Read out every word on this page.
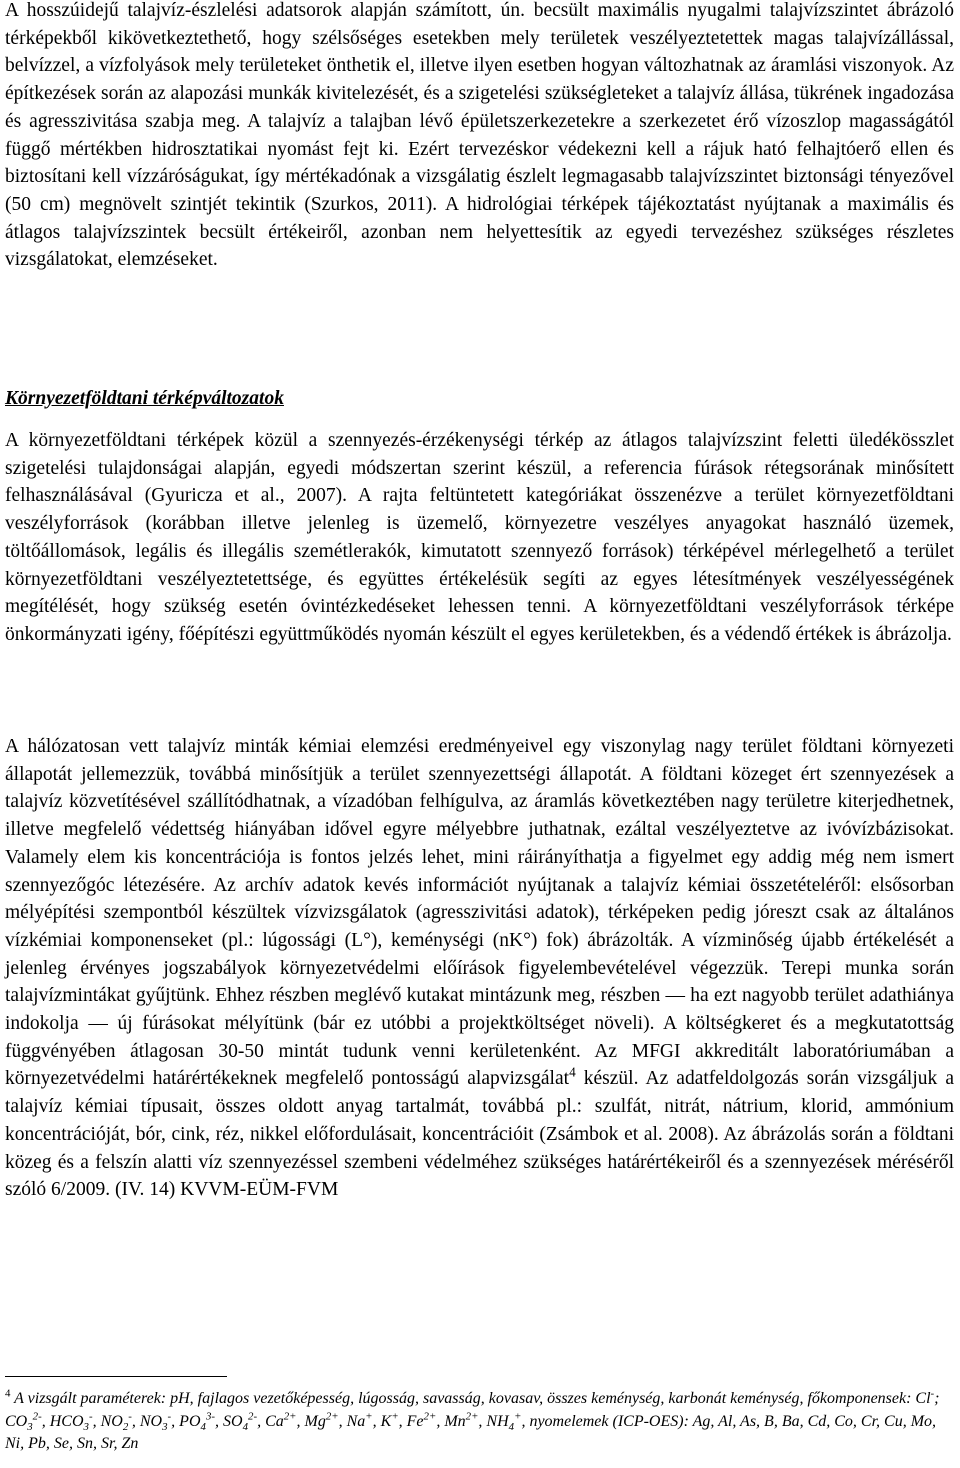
A hosszúidejű talajvíz-észlelési adatsorok alapján számított, ún. becsült maximális nyugalmi talajvízszintet ábrázoló térképekből kikövetkeztethető, hogy szélsőséges esetekben mely területek veszélyeztetettek magas talajvízállással, belvízzel, a vízfolyások mely területeket önthetik el, illetve ilyen esetben hogyan változhatnak az áramlási viszonyok. Az építkezések során az alapozási munkák kivitelezését, és a szigetelési szükségleteket a talajvíz állása, tükrének ingadozása és agresszivitása szabja meg. A talajvíz a talajban lévő épületszerkezetekre a szerkezetet érő vízoszlop magasságától függő mértékben hidrosztatikai nyomást fejt ki. Ezért tervezéskor védekezni kell a rájuk ható felhajtóerő ellen és biztosítani kell vízzáróságukat, így mértékadónak a vizsgálatig észlelt legmagasabb talajvízszintet biztonsági tényezővel (50 cm) megnövelt szintjét tekintik (Szurkos, 2011). A hidrológiai térképek tájékoztatást nyújtanak a maximális és átlagos talajvízszintek becsült értékeiről, azonban nem helyettesítik az egyedi tervezéshez szükséges részletes vizsgálatokat, elemzéseket.

Környezetföldtani térképváltozatok

A környezetföldtani térképek közül a szennyezés-érzékenységi térkép az átlagos talajvízszint feletti üledékösszlet szigetelési tulajdonságai alapján, egyedi módszertan szerint készül, a referencia fúrások rétegsorának minősített felhasználásával (Gyuricza et al., 2007). A rajta feltüntetett kategóriákat összenézve a terület környezetföldtani veszélyforrások (korábban illetve jelenleg is üzemelő, környezetre veszélyes anyagokat használó üzemek, töltőállomások, legális és illegális szemétlerakók, kimutatott szennyező források) térképével mérlegelhető a terület környezetföldtani veszélyeztetettsége, és együttes értékelésük segíti az egyes létesítmények veszélyességének megítélését, hogy szükség esetén óvintézkedéseket lehessen tenni. A környezetföldtani veszélyforrások térképe önkormányzati igény, főépítészi együttműködés nyomán készült el egyes kerületekben, és a védendő értékek is ábrázolja.

A hálózatosan vett talajvíz minták kémiai elemzési eredményeivel egy viszonylag nagy terület földtani környezeti állapotát jellemezzük, továbbá minősítjük a terület szennyezettségi állapotát. A földtani közeget ért szennyezések a talajvíz közvetítésével szállítódhatnak, a vízadóban felhígulva, az áramlás következtében nagy területre kiterjedhetnek, illetve megfelelő védettség hiányában idővel egyre mélyebbre juthatnak, ezáltal veszélyeztetve az ivóvízbázisokat. Valamely elem kis koncentrációja is fontos jelzés lehet, mini ráirányíthatja a figyelmet egy addig még nem ismert szennyezőgóc létezésére. Az archív adatok kevés információt nyújtanak a talajvíz kémiai összetételéről: elsősorban mélyépítési szempontból készültek vízvizsgálatok (agresszivitási adatok), térképeken pedig jóreszt csak az általános vízkémiai komponenseket (pl.: lúgossági (L°), keménységi (nK°) fok) ábrázolták. A vízminőség újabb értékelését a jelenleg érvényes jogszabályok környezetvédelmi előírások figyelembevételével végezzük. Terepi munka során talajvízmintákat gyűjtünk. Ehhez részben meglévő kutakat mintázunk meg, részben — ha ezt nagyobb terület adathiánya indokolja — új fúrásokat mélyítünk (bár ez utóbbi a projektköltséget növeli). A költségkeret és a megkutatottság függvényében átlagosan 30-50 mintát tudunk venni kerületenként. Az MFGI akkreditált laboratóriumában a környezetvédelmi határértékeknek megfelelő pontosságú alapvizsgálat$^4$ készül. Az adatfeldolgozás során vizsgáljuk a talajvíz kémiai típusait, összes oldott anyag tartalmát, továbbá pl.: szulfát, nitrát, nátrium, klorid, ammónium koncentrációját, bór, cink, réz, nikkel előfordulásait, koncentrációit (Zsámbok et al. 2008). Az ábrázolás során a földtani közeg és a felszín alatti víz szennyezéssel szembeni védelméhez szükséges határértékeiről és a szennyezések méréséről szóló 6/2009. (IV. 14) KVVM-EÜM-FVM

$^4$ A vizsgált paraméterek: pH, fajlagos vezetőképesség, lúgosság, savasság, kovasav, összes keménység, karbonát keménység, főkomponensek: Cl-; $CO_3^{2-}$, $HCO_3^-$, $NO_2^-$, $NO_3^-$, $PO_4^{3-}$, $SO_4^{2-}$, $Ca^{2+}$, $Mg^{2+}$, Na+, K+, $Fe^{2+}$, $Mn^{2+}$, $NH_4^+$, nyomelemek (ICP-OES): Ag, Al, As, B, Ba, Cd, Co, Cr, Cu, Mo, Ni, Pb, Se, Sn, Sr, Zn
